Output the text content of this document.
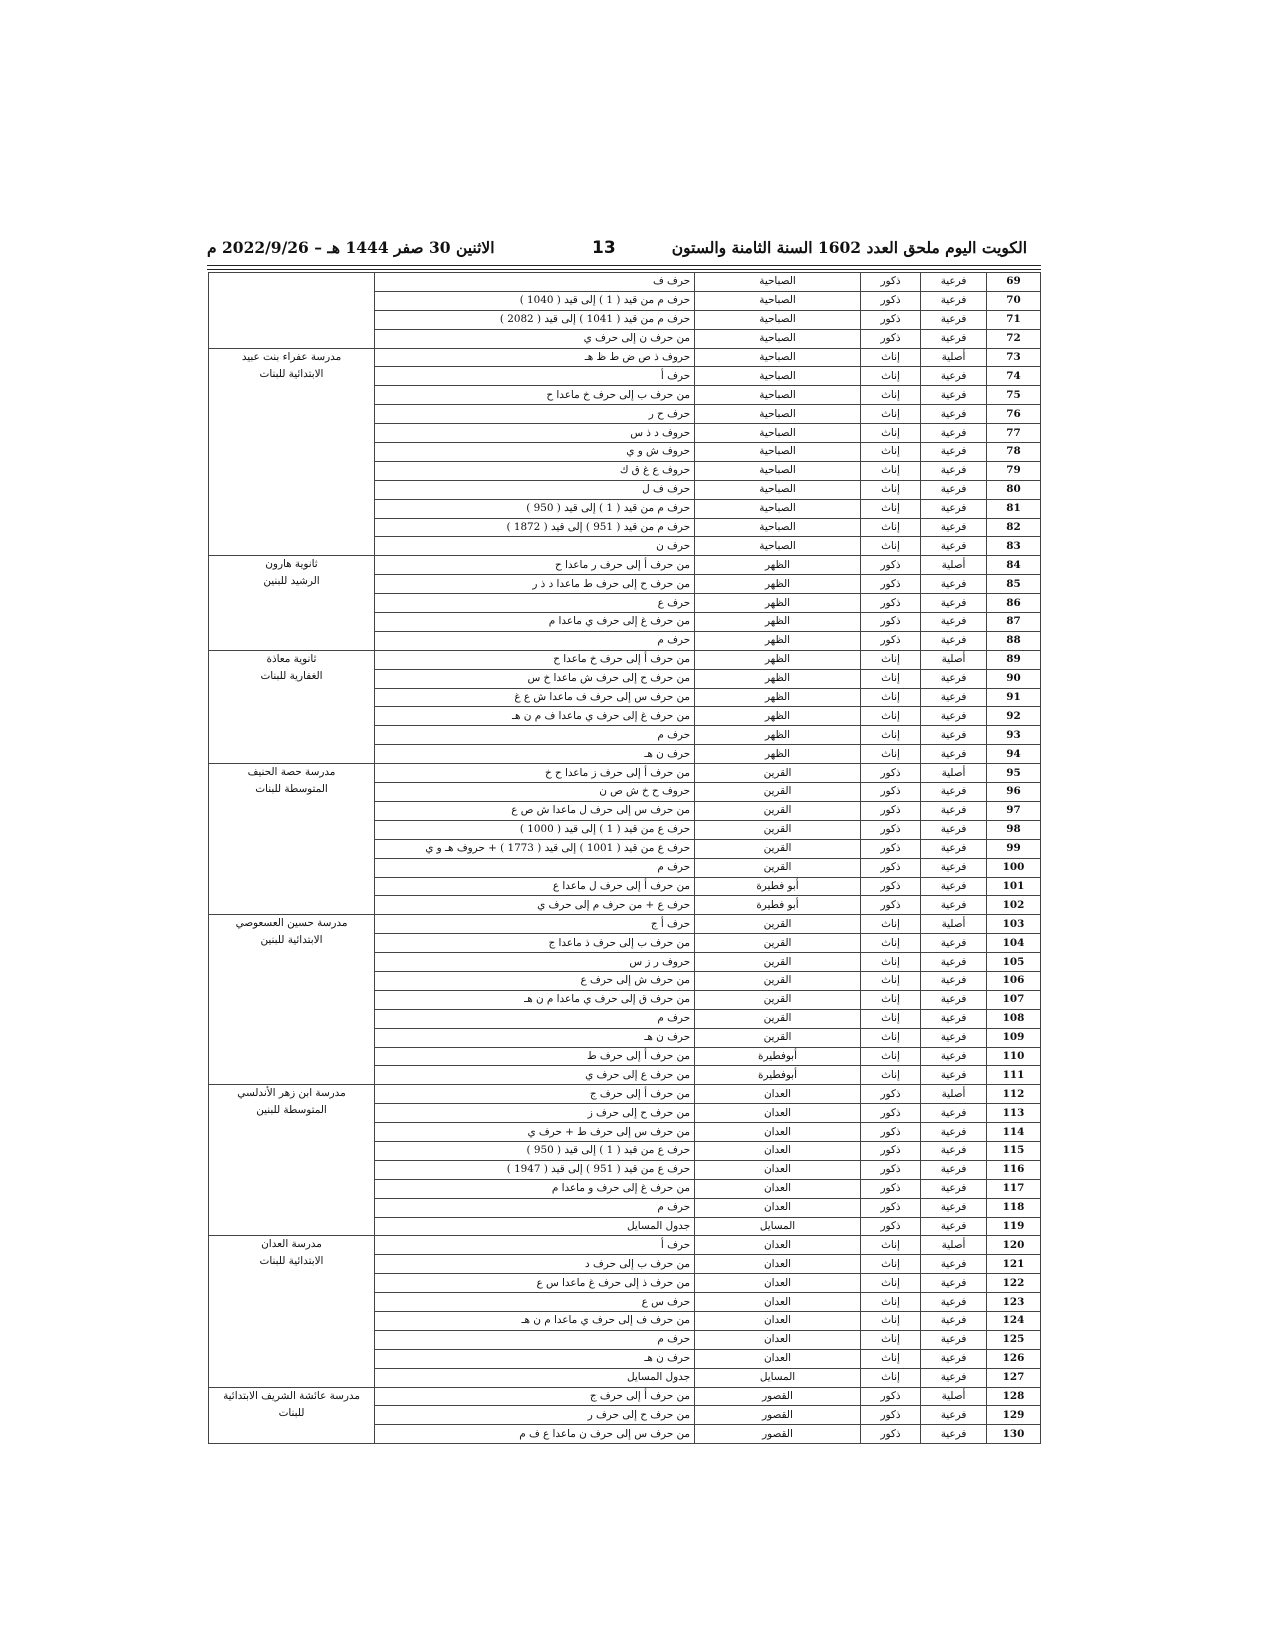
الكويت اليوم ملحق العدد 1602 السنة الثامنة والستون
13
الاثنين 30 صفر 1444 هـ – 2022/9/26 م
69	فرعية	ذكور	الصباحية	حرف ف	
70	فرعية	ذكور	الصباحية	حرف م من قيد ( 1 ) إلى قيد ( 1040 )	
71	فرعية	ذكور	الصباحية	حرف م من قيد ( 1041 ) إلى قيد ( 2082 )	
72	فرعية	ذكور	الصباحية	من حرف ن إلى حرف ي	
73	أصلية	إناث	الصباحية	حروف ذ ص ض ط ظ هـ	مدرسة عفراء بنت عبيد
الابتدائية للبنات

74	فرعية	إناث	الصباحية	حرف أ	
75	فرعية	إناث	الصباحية	من حرف ب إلى حرف خ ماعدا ح	
76	فرعية	إناث	الصباحية	حرف ح ر	
77	فرعية	إناث	الصباحية	حروف د ذ س	
78	فرعية	إناث	الصباحية	حروف ش و ي	
79	فرعية	إناث	الصباحية	حروف ع غ ق ك	
80	فرعية	إناث	الصباحية	حرف ف ل	
81	فرعية	إناث	الصباحية	حرف م من قيد ( 1 ) إلى قيد ( 950 )	
82	فرعية	إناث	الصباحية	حرف م من قيد ( 951 ) إلى قيد ( 1872 )	
83	فرعية	إناث	الصباحية	حرف ن	
84	أصلية	ذكور	الظهر	من حرف أ إلى حرف ر ماعدا ح	ثانوية هارون
الرشيد للبنين

85	فرعية	ذكور	الظهر	من حرف ح إلى حرف ط ماعدا د ذ ر	
86	فرعية	ذكور	الظهر	حرف ع	
87	فرعية	ذكور	الظهر	من حرف غ إلى حرف ي ماعدا م	
88	فرعية	ذكور	الظهر	حرف م	
89	أصلية	إناث	الظهر	من حرف أ إلى حرف خ ماعدا ح	ثانوية معاذة
الغفارية للبنات

90	فرعية	إناث	الظهر	من حرف ح إلى حرف ش ماعدا خ س	
91	فرعية	إناث	الظهر	من حرف س إلى حرف ف ماعدا ش ع غ	
92	فرعية	إناث	الظهر	من حرف غ إلى حرف ي ماعدا ف م ن هـ	
93	فرعية	إناث	الظهر	حرف م	
94	فرعية	إناث	الظهر	حرف ن هـ	
95	أصلية	ذكور	القرين	من حرف أ إلى حرف ز ماعدا ح خ	مدرسة حصة الحنيف
المتوسطة للبنات

96	فرعية	ذكور	القرين	حروف ح خ ش ص ن	
97	فرعية	ذكور	القرين	من حرف س إلى حرف ل ماعدا ش ص ع	
98	فرعية	ذكور	القرين	حرف ع من قيد ( 1 ) إلى قيد ( 1000 )	
99	فرعية	ذكور	القرين	حرف ع من قيد ( 1001 ) إلى قيد ( 1773 ) + حروف هـ و ي	
100	فرعية	ذكور	القرين	حرف م	
101	فرعية	ذكور	أبو فطيرة	من حرف أ إلى حرف ل ماعدا ع	
102	فرعية	ذكور	أبو فطيرة	حرف ع + من حرف م إلى حرف ي	
103	أصلية	إناث	القرين	حرف أ ج	مدرسة حسين العسعوصي
الابتدائية للبنين

104	فرعية	إناث	القرين	من حرف ب إلى حرف ذ ماعدا ج	
105	فرعية	إناث	القرين	حروف ر ز س	
106	فرعية	إناث	القرين	من حرف ش إلى حرف ع	
107	فرعية	إناث	القرين	من حرف ق إلى حرف ي ماعدا م ن هـ	
108	فرعية	إناث	القرين	حرف م	
109	فرعية	إناث	القرين	حرف ن هـ	
110	فرعية	إناث	أبوفطيرة	من حرف أ إلى حرف ط	
111	فرعية	إناث	أبوفطيرة	من حرف ع إلى حرف ي	
112	أصلية	ذكور	العدان	من حرف أ إلى حرف ج	مدرسة ابن زهر الأندلسي
المتوسطة للبنين

113	فرعية	ذكور	العدان	من حرف ح إلى حرف ز	
114	فرعية	ذكور	العدان	من حرف س إلى حرف ط + حرف ي	
115	فرعية	ذكور	العدان	حرف ع من قيد ( 1 ) إلى قيد ( 950 )	
116	فرعية	ذكور	العدان	حرف ع من قيد ( 951 ) إلى قيد ( 1947 )	
117	فرعية	ذكور	العدان	من حرف غ إلى حرف و ماعدا م	
118	فرعية	ذكور	العدان	حرف م	
119	فرعية	ذكور	المسايل	جدول المسايل	
120	أصلية	إناث	العدان	حرف أ	مدرسة العدان
الابتدائية للبنات

121	فرعية	إناث	العدان	من حرف ب إلى حرف د	
122	فرعية	إناث	العدان	من حرف ذ إلى حرف غ ماعدا س ع	
123	فرعية	إناث	العدان	حرف س ع	
124	فرعية	إناث	العدان	من حرف ف إلى حرف ي ماعدا م ن هـ	
125	فرعية	إناث	العدان	حرف م	
126	فرعية	إناث	العدان	حرف ن هـ	
127	فرعية	إناث	المسايل	جدول المسايل	
128	أصلية	ذكور	القصور	من حرف أ إلى حرف ج	مدرسة عائشة الشريف الابتدائية
للبنات

129	فرعية	ذكور	القصور	من حرف ح إلى حرف ر	
130	فرعية	ذكور	القصور	من حرف س إلى حرف ن ماعدا ع ف م	
